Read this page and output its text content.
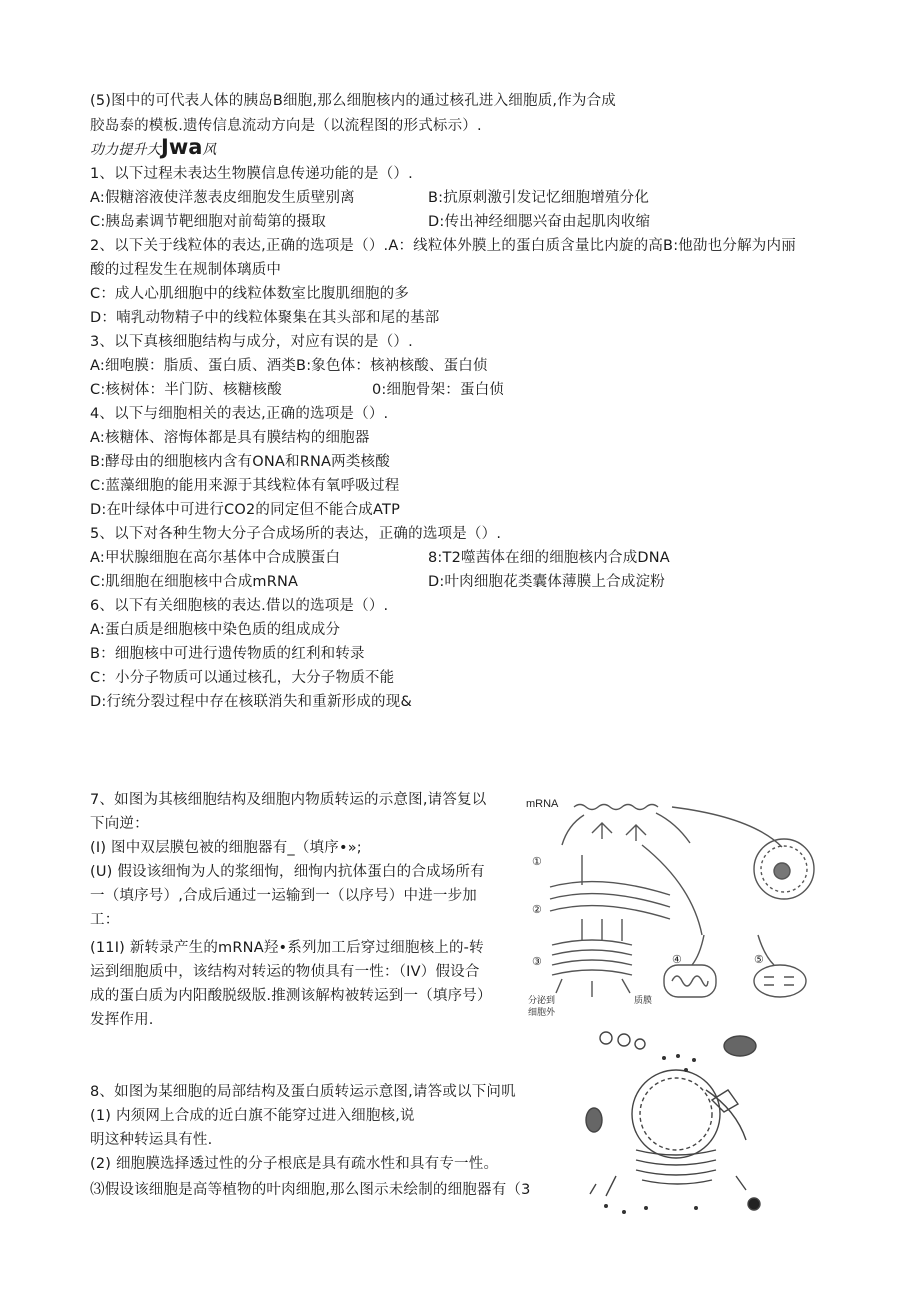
(5)图中的可代表人体的胰岛B细胞,那么细胞核内的通过核孔进入细胞质,作为合成
胶岛泰的模板.遗传信息流动方向是（以流程图的形式标示）.
功力提升大Jwa风
1、以下过程未表达生物膜信息传递功能的是（）.
A:假糖溶液使洋葱表皮细胞发生质壁别离	B:抗原刺激引发记忆细胞增殖分化
C:胰岛素调节靶细胞对前萄第的摄取	D:传出神经细腮兴奋由起肌肉收缩
2、以下关于线粒体的表达,正确的选项是（）.A：线粒体外膜上的蛋白质含量比内旋的高B:他劭也分解为内丽
酸的过程发生在规制体璃质中
C：成人心肌细胞中的线粒体数室比腹肌细胞的多
D：喃乳动物精子中的线粒体聚集在其头部和尾的基部
3、以下真核细胞结构与成分，对应有误的是（）.
A:细咆膜：脂质、蛋白质、酒类B:象色体：核衲核酸、蛋白侦
C:核树体：半门防、核糖核酸	0:细胞骨架：蛋白侦
4、以下与细胞相关的表达,正确的选项是（）.
A:核糖体、溶悔体都是具有膜结构的细胞器
B:酵母由的细胞核内含有ONA和RNA两类核酸
C:蓝藻细胞的能用来源于其线粒体有氧呼吸过程
D:在叶绿体中可进行CO2的同定但不能合成ATP
5、以下对各种生物大分子合成场所的表达，正确的选项是（）.
A:甲状腺细胞在高尔基体中合成膜蛋白	8:T2噬茜体在细的细胞核内合成DNA
C:肌细胞在细胞核中合成mRNA	D:叶肉细胞花类囊体薄膜上合成淀粉
6、以下有关细胞核的表达.借以的选项是（）.
A:蛋白质是细胞核中染色质的组成成分
B：细胞核中可进行遗传物质的红利和转录
C：小分子物质可以通过核孔，大分子物质不能
D:行统分裂过程中存在核联消失和重新形成的现&
7、如图为其核细胞结构及细胞内物质转运的示意图,请答复以
下向逆：
(I) 图中双层膜包被的细胞器有_（填序•»;
(U) 假设该细恂为人的浆细恂，细恂内抗体蛋白的合成场所有
一（填序号）,合成后通过一运输到一（以序号）中进一步加
工：
(11I) 新转录产生的mRNA羟•系列加工后穿过细胞核上的-转
运到细胞质中，该结构对转运的物侦具有一性：（IV）假设合
成的蛋白质为内阳酸脱级版.推测该解构被转运到一（填序号）
发挥作用.
8、如图为某细胞的局部结构及蛋白质转运示意图,请答或以下问叽
(1) 内须网上合成的近白旗不能穿过进入细胞核,说
明这种转运具有性.
(2) 细胞膜选择透过性的分子根底是具有疏水性和具有专一性。
⑶假设该细胞是高等植物的叶肉细胞,那么图示未绘制的细胞器有（3
mRNA
①
②
③	④	⑤
分泌到
细胞外
质膜
